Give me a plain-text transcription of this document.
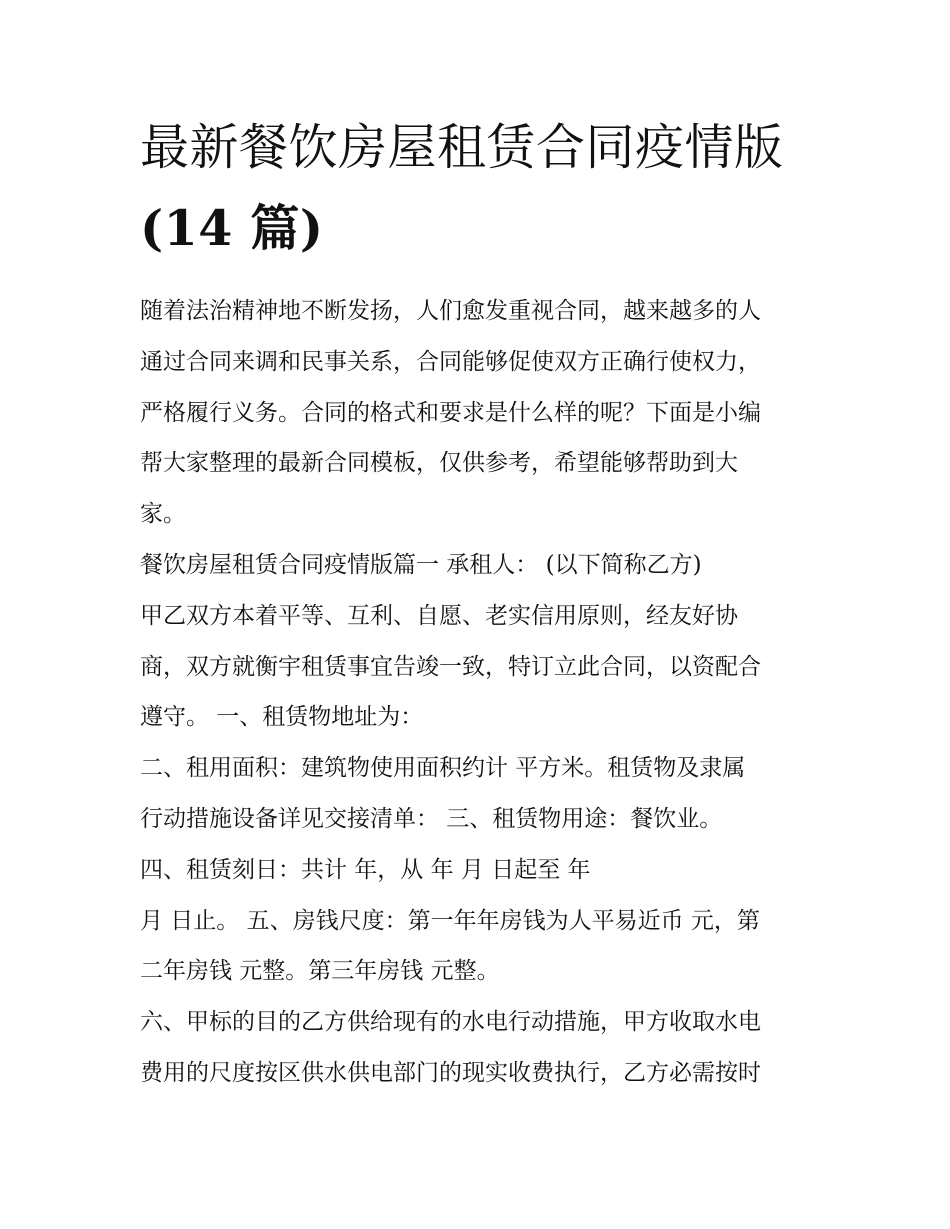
最新餐饮房屋租赁合同疫情版
(14 篇)
随着法治精神地不断发扬，人们愈发重视合同，越来越多的人
通过合同来调和民事关系，合同能够促使双方正确行使权力，
严格履行义务。合同的格式和要求是什么样的呢？下面是小编
帮大家整理的最新合同模板，仅供参考，希望能够帮助到大
家。
餐饮房屋租赁合同疫情版篇一 承租人： (以下简称乙方)
甲乙双方本着平等、互利、自愿、老实信用原则，经友好协
商，双方就衡宇租赁事宜告竣一致，特订立此合同，以资配合
遵守。 一、租赁物地址为：
二、租用面积：建筑物使用面积约计 平方米。租赁物及隶属
行动措施设备详见交接清单： 三、租赁物用途：餐饮业。
四、租赁刻日：共计 年，从 年 月 日起至 年
月 日止。 五、房钱尺度：第一年年房钱为人平易近币 元，第
二年房钱 元整。第三年房钱 元整。
六、甲标的目的乙方供给现有的水电行动措施，甲方收取水电
费用的尺度按区供水供电部门的现实收费执行，乙方必需按时
